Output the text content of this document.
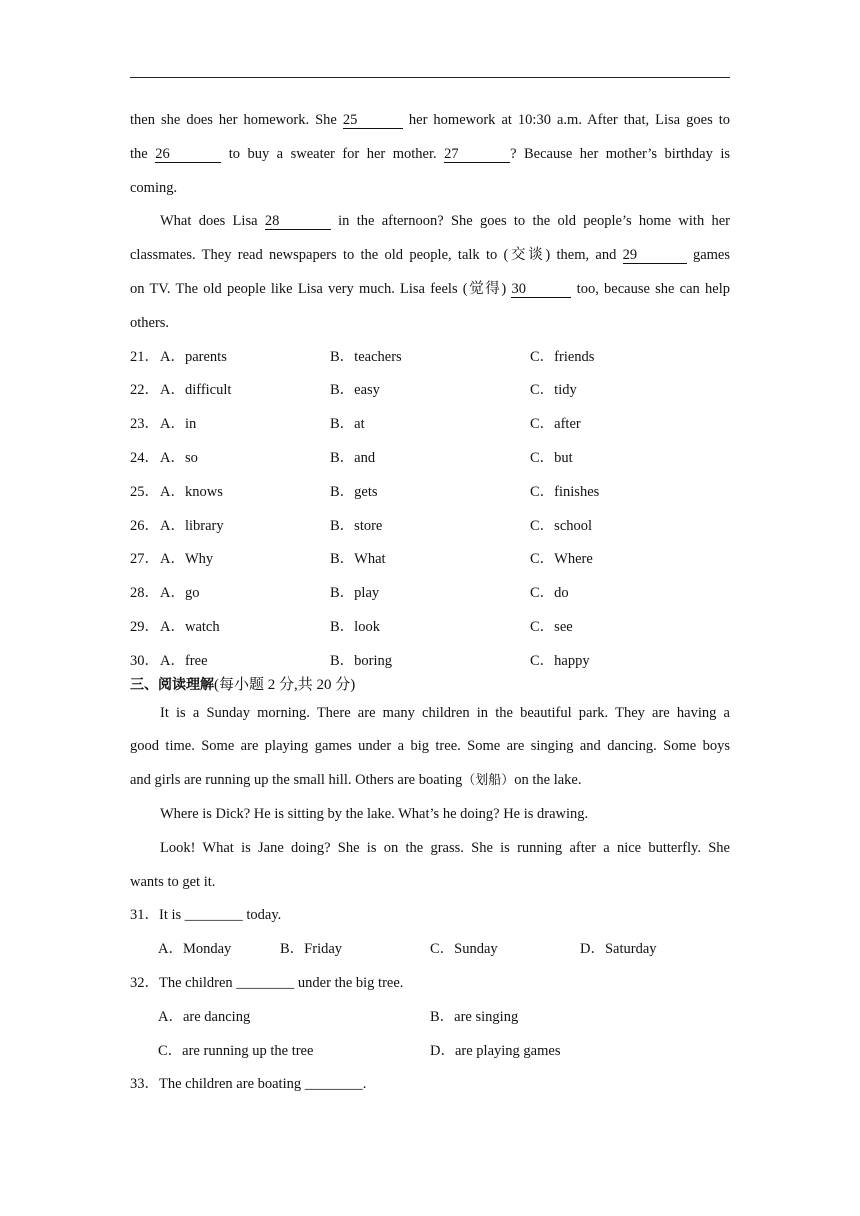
then she does her homework. She 25	her homework at 10:30 a.m. After that, Lisa goes to
the 26	to buy a sweater for her mother. 27	? Because her mother’s birthday is
coming.
What does Lisa 28	in the afternoon? She goes to the old people’s home with her
classmates. They read newspapers to the old people, talk to (交谈) them, and 29	games
on TV. The old people like Lisa very much. Lisa feels (觉得) 30	too, because she can help
others.
21． A．parents	B．teachers	C．friends
22． A．difficult	B．easy	C．tidy
23． A．in	B．at	C．after
24． A．so	B．and	C．but
25． A．knows	B．gets	C．finishes
26． A．library	B．store	C．school
27． A．Why	B．What	C．Where
28． A．go	B．play	C．do
29． A．watch	B．look	C．see
30． A．free	B．boring	C．happy
三、阅读理解(每小题 2 分,共 20 分)
It is a Sunday morning. There are many children in the beautiful park. They are having a
good time. Some are playing games under a big tree. Some are singing and dancing. Some boys
and girls are running up the small hill. Others are boating（划船）on the lake.
Where is Dick? He is sitting by the lake. What’s he doing? He is drawing.
Look! What is Jane doing? She is on the grass. She is running after a nice butterfly. She
wants to get it.
31．It is ________ today.
A．Monday	B．Friday	C．Sunday	D．Saturday
32．The children ________ under the big tree.
A．are dancing	B．are singing
C．are running up the tree	D．are playing games
33．The children are boating ________.
